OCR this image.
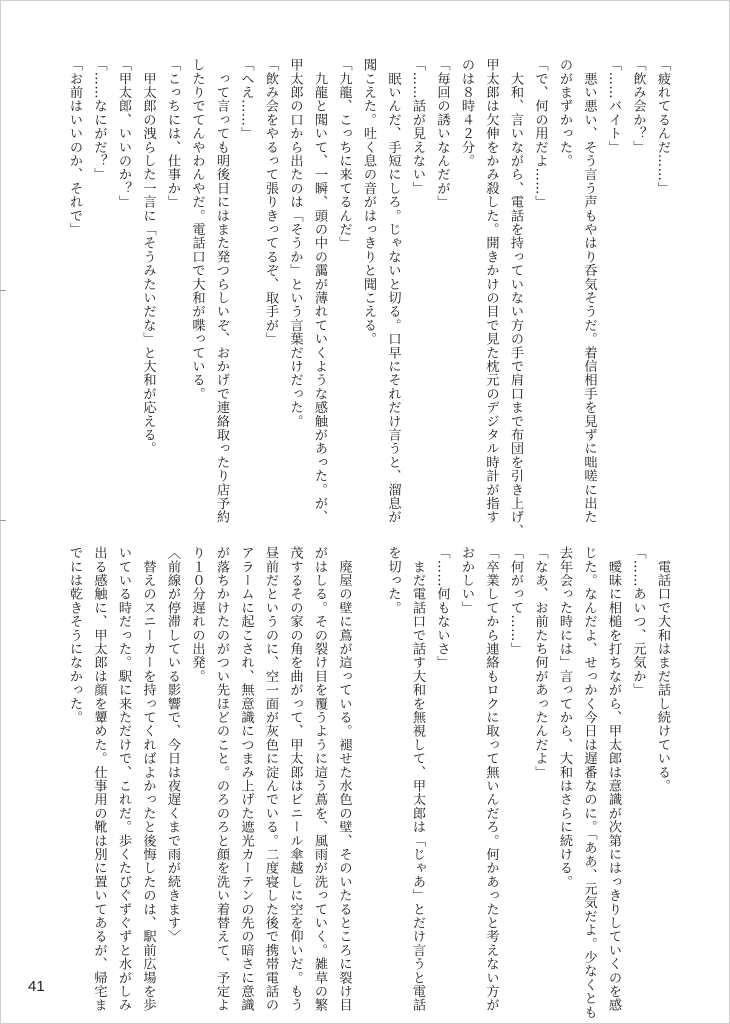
「疲れてるんだ……」
「飲み会か？」
「……バイト」
　悪い悪い、そう言う声もやはり呑気そうだ。着信相手を見ずに咄嗟に出た
のがまずかった。
「で、何の用だよ……」
　大和、言いながら、電話を持っていない方の手で肩口まで布団を引き上げ、
甲太郎は欠伸をかみ殺した。開きかけの目で見た枕元のデジタル時計が指す
のは８時４２分。
「毎回の誘いなんだが」
「……話が見えない」
　眠いんだ、手短にしろ。じゃないと切る。口早にそれだけ言うと、溜息が
聞こえた。吐く息の音がはっきりと聞こえる。
「九龍、こっちに来てるんだ」
　九龍と聞いて、一瞬、頭の中の靄が薄れていくような感触があった。が、
甲太郎の口から出たのは「そうか」という言葉だけだった。
「飲み会をやるって張りきってるぞ、取手が」
「へえ……」
　って言っても明後日にはまた発つらしいぞ、おかげで連絡取ったり店予約
したりでてんやわんやだ。電話口で大和が喋っている。
「こっちには、仕事か」
　甲太郎の洩らした一言に「そうみたいだな」と大和が応える。
「甲太郎、いいのか？」
「……なにがだ？」
「お前はいいのか、それで」
　電話口で大和はまだ話し続けている。
「……あいつ、元気か」
　曖昧に相槌を打ちながら、甲太郎は意識が次第にはっきりしていくのを感
じた。なんだよ、せっかく今日は遅番なのに。「ああ、元気だよ。少なくとも
去年会った時には」言ってから、大和はさらに続ける。
「なあ、お前たち何があったんだよ」
「何がって……」
「卒業してから連絡もロクに取って無いんだろ。何かあったと考えない方が
おかしい」
「……何もないさ」
　まだ電話口で話す大和を無視して、甲太郎は「じゃあ」とだけ言うと電話
を切った。

　廃屋の壁に蔦が這っている。褪せた水色の壁、そのいたるところに裂け目
がはしる。その裂け目を覆うように這う蔦を、風雨が洗っていく。雑草の繁
茂するその家の角を曲がって、甲太郎はビニール傘越しに空を仰いだ。もう
昼前だというのに、空一面が灰色に淀んでいる。二度寝した後で携帯電話の
アラームに起こされ、無意識につまみ上げた遮光カーテンの先の暗さに意識
が落ちかけたのがつい先ほどのこと。のろのろと顔を洗い着替えて、予定よ
り１０分遅れの出発。
〈前線が停滞している影響で、今日は夜遅くまで雨が続きます〉
　替えのスニーカーを持ってくればよかったと後悔したのは、駅前広場を歩
いている時だった。駅に来ただけで、これだ。歩くたびぐずぐずと水がしみ
出る感触に、甲太郎は顔を顰めた。仕事用の靴は別に置いてあるが、帰宅ま
でには乾きそうになかった。
41
